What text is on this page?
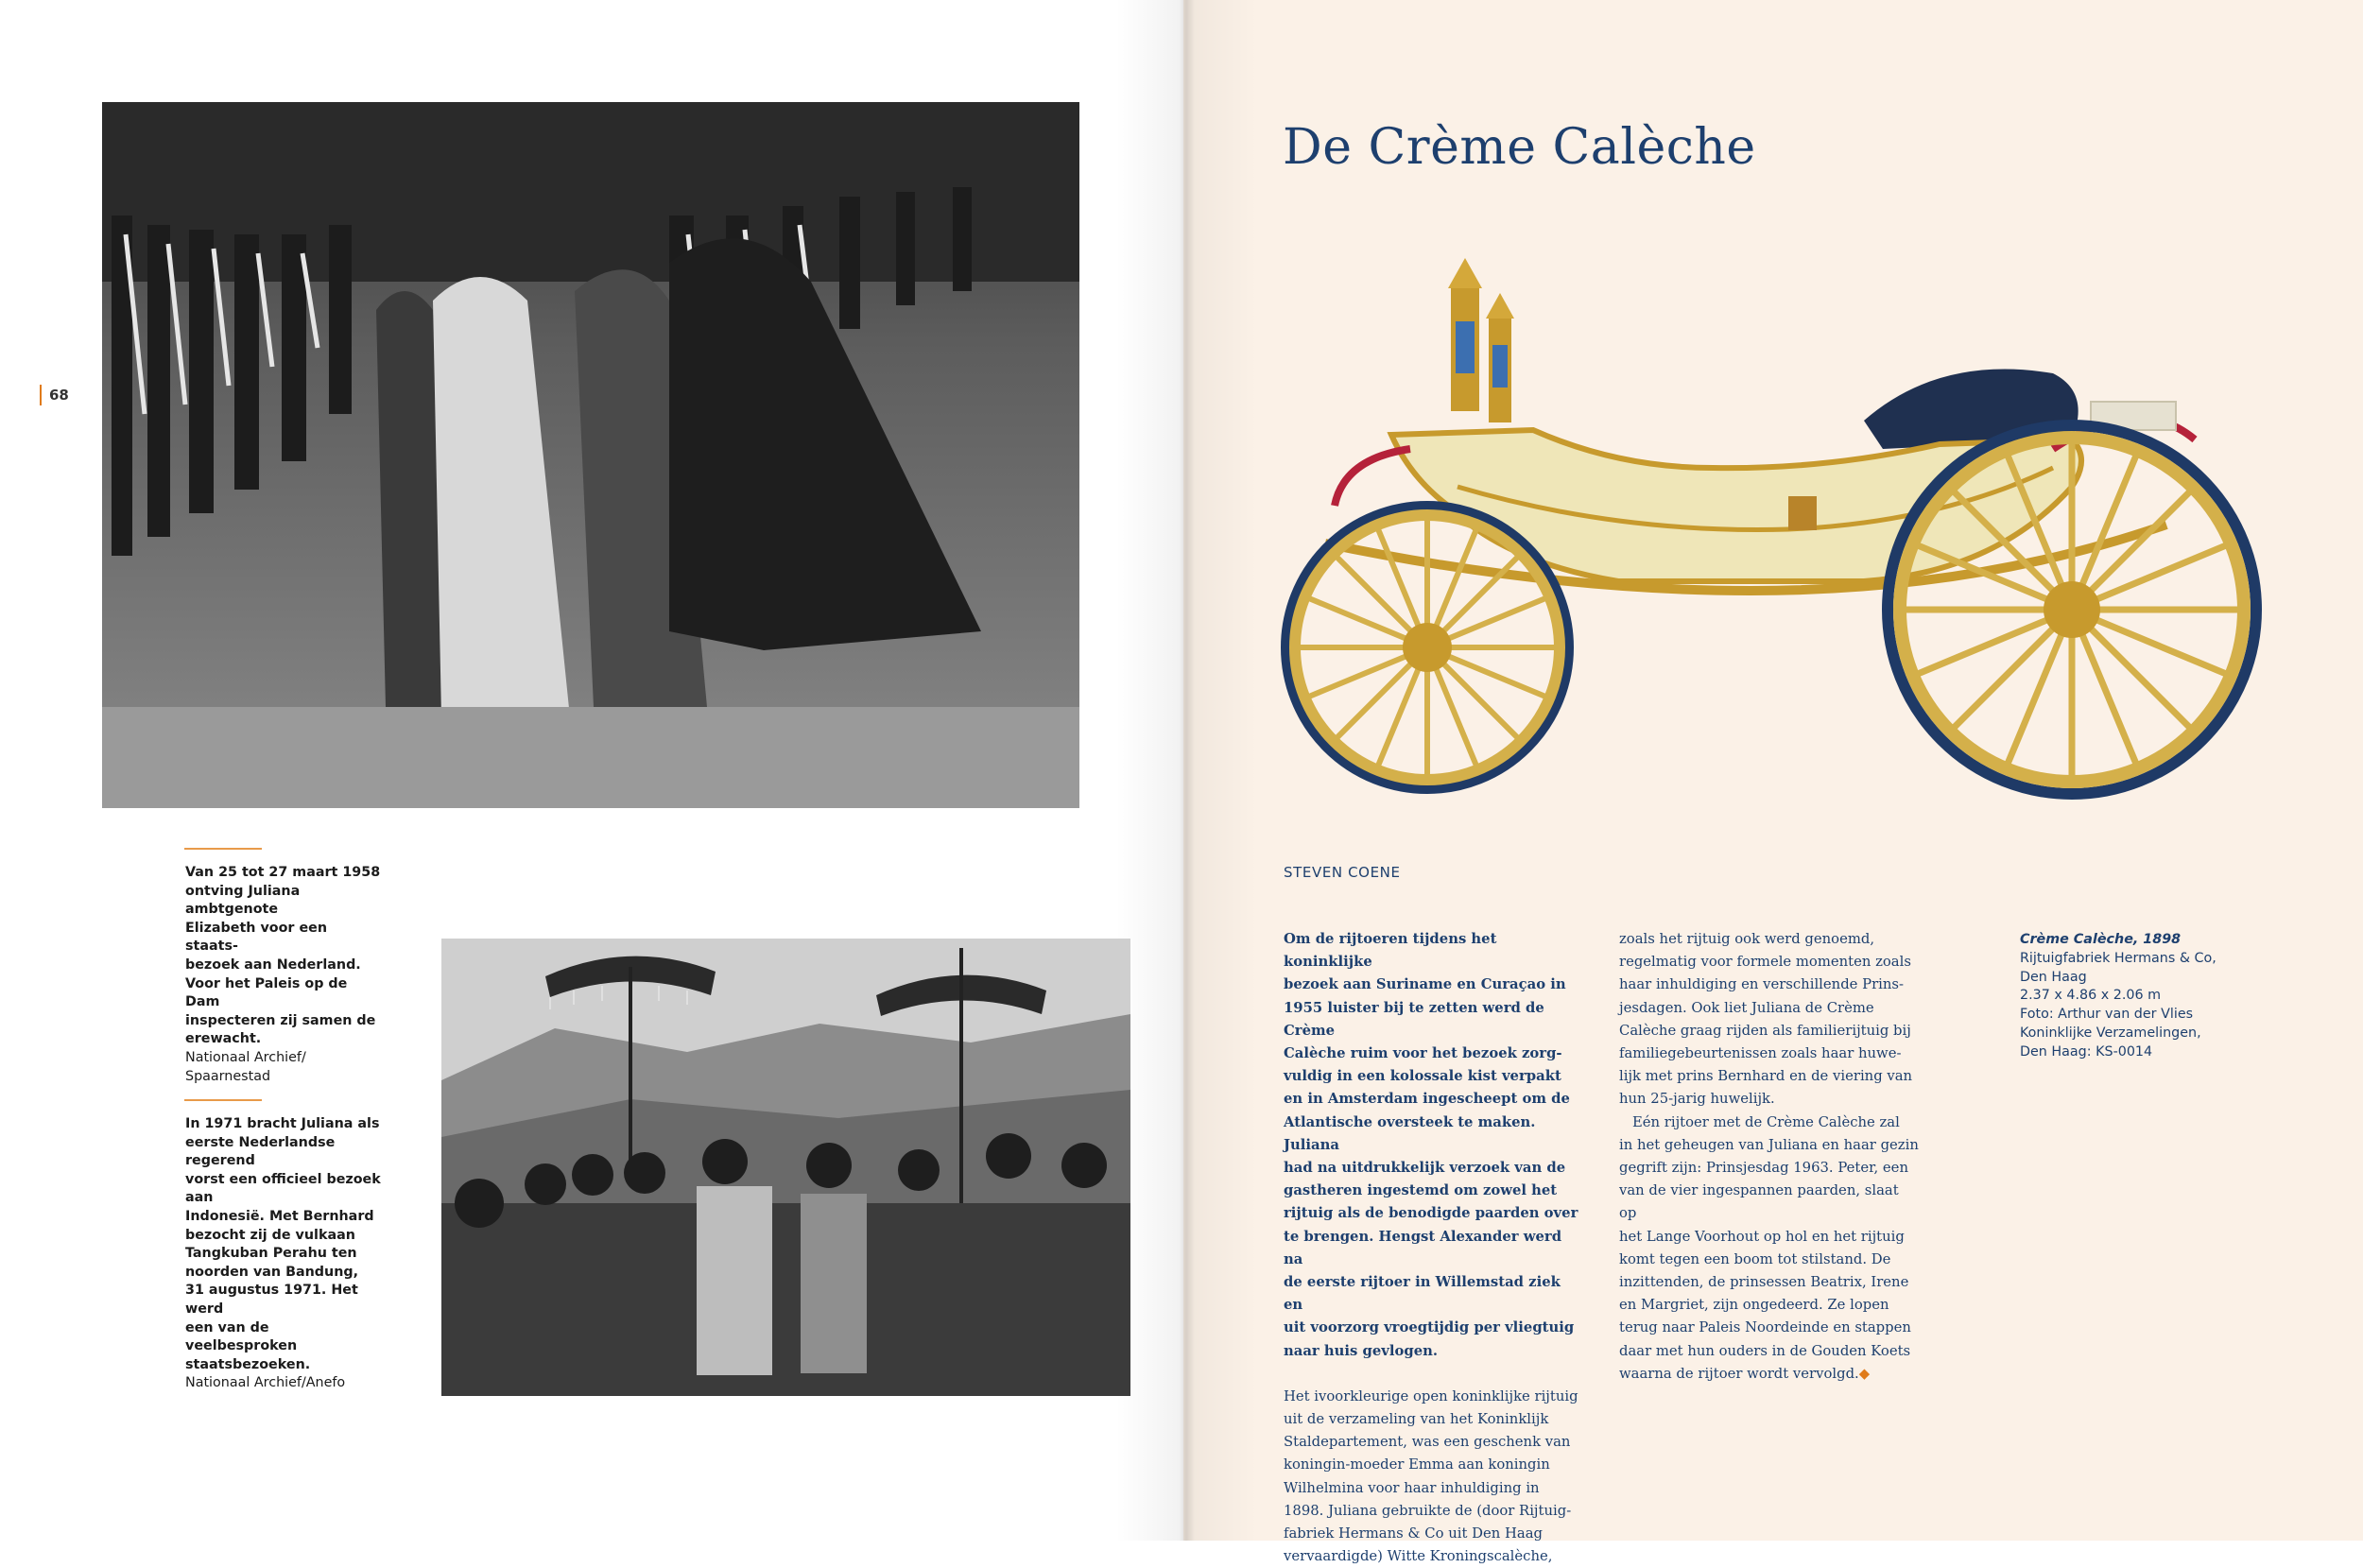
68
Van 25 tot 27 maart 1958
ontving Juliana ambtgenote
Elizabeth voor een staats-
bezoek aan Nederland.
Voor het Paleis op de Dam
inspecteren zij samen de
erewacht.
Nationaal Archief/
Spaarnestad
In 1971 bracht Juliana als
eerste Nederlandse regerend
vorst een officieel bezoek aan
Indonesië. Met Bernhard
bezocht zij de vulkaan
Tangkuban Perahu ten
noorden van Bandung,
31 augustus 1971. Het werd
een van de veelbesproken
staatsbezoeken.
Nationaal Archief/Anefo
De Crème Calèche
STEVEN COENE

Om de rijtoeren tijdens het koninklijke
bezoek aan Suriname en Curaçao in
1955 luister bij te zetten werd de Crème
Calèche ruim voor het bezoek zorg-
vuldig in een kolossale kist verpakt
en in Amsterdam ingescheept om de
Atlantische oversteek te maken. Juliana
had na uitdrukkelijk verzoek van de
gastheren ingestemd om zowel het
rijtuig als de benodigde paarden over
te brengen. Hengst Alexander werd na
de eerste rijtoer in Willemstad ziek en
uit voorzorg vroegtijdig per vliegtuig
naar huis gevlogen.

Het ivoorkleurige open koninklijke rijtuig
uit de verzameling van het Koninklijk
Staldepartement, was een geschenk van
koningin-moeder Emma aan koningin
Wilhelmina voor haar inhuldiging in
1898. Juliana gebruikte de (door Rijtuig-
fabriek Hermans & Co uit Den Haag
vervaardigde) Witte Kroningscalèche,

zoals het rijtuig ook werd genoemd,
regelmatig voor formele momenten zoals
haar inhuldiging en verschillende Prins-
jesdagen. Ook liet Juliana de Crème
Calèche graag rijden als familierijtuig bij
familiegebeurtenissen zoals haar huwe-
lijk met prins Bernhard en de viering van
hun 25-jarig huwelijk.

Eén rijtoer met de Crème Calèche zal
in het geheugen van Juliana en haar gezin
gegrift zijn: Prinsjesdag 1963. Peter, een
van de vier ingespannen paarden, slaat op
het Lange Voorhout op hol en het rijtuig
komt tegen een boom tot stilstand. De
inzittenden, de prinsessen Beatrix, Irene
en Margriet, zijn ongedeerd. Ze lopen
terug naar Paleis Noordeinde en stappen
daar met hun ouders in de Gouden Koets
waarna de rijtoer wordt vervolgd.◆

Crème Calèche, 1898
Rijtuigfabriek Hermans & Co,
Den Haag
2.37 x 4.86 x 2.06 m
Foto: Arthur van der Vlies
Koninklijke Verzamelingen,
Den Haag: KS-0014
